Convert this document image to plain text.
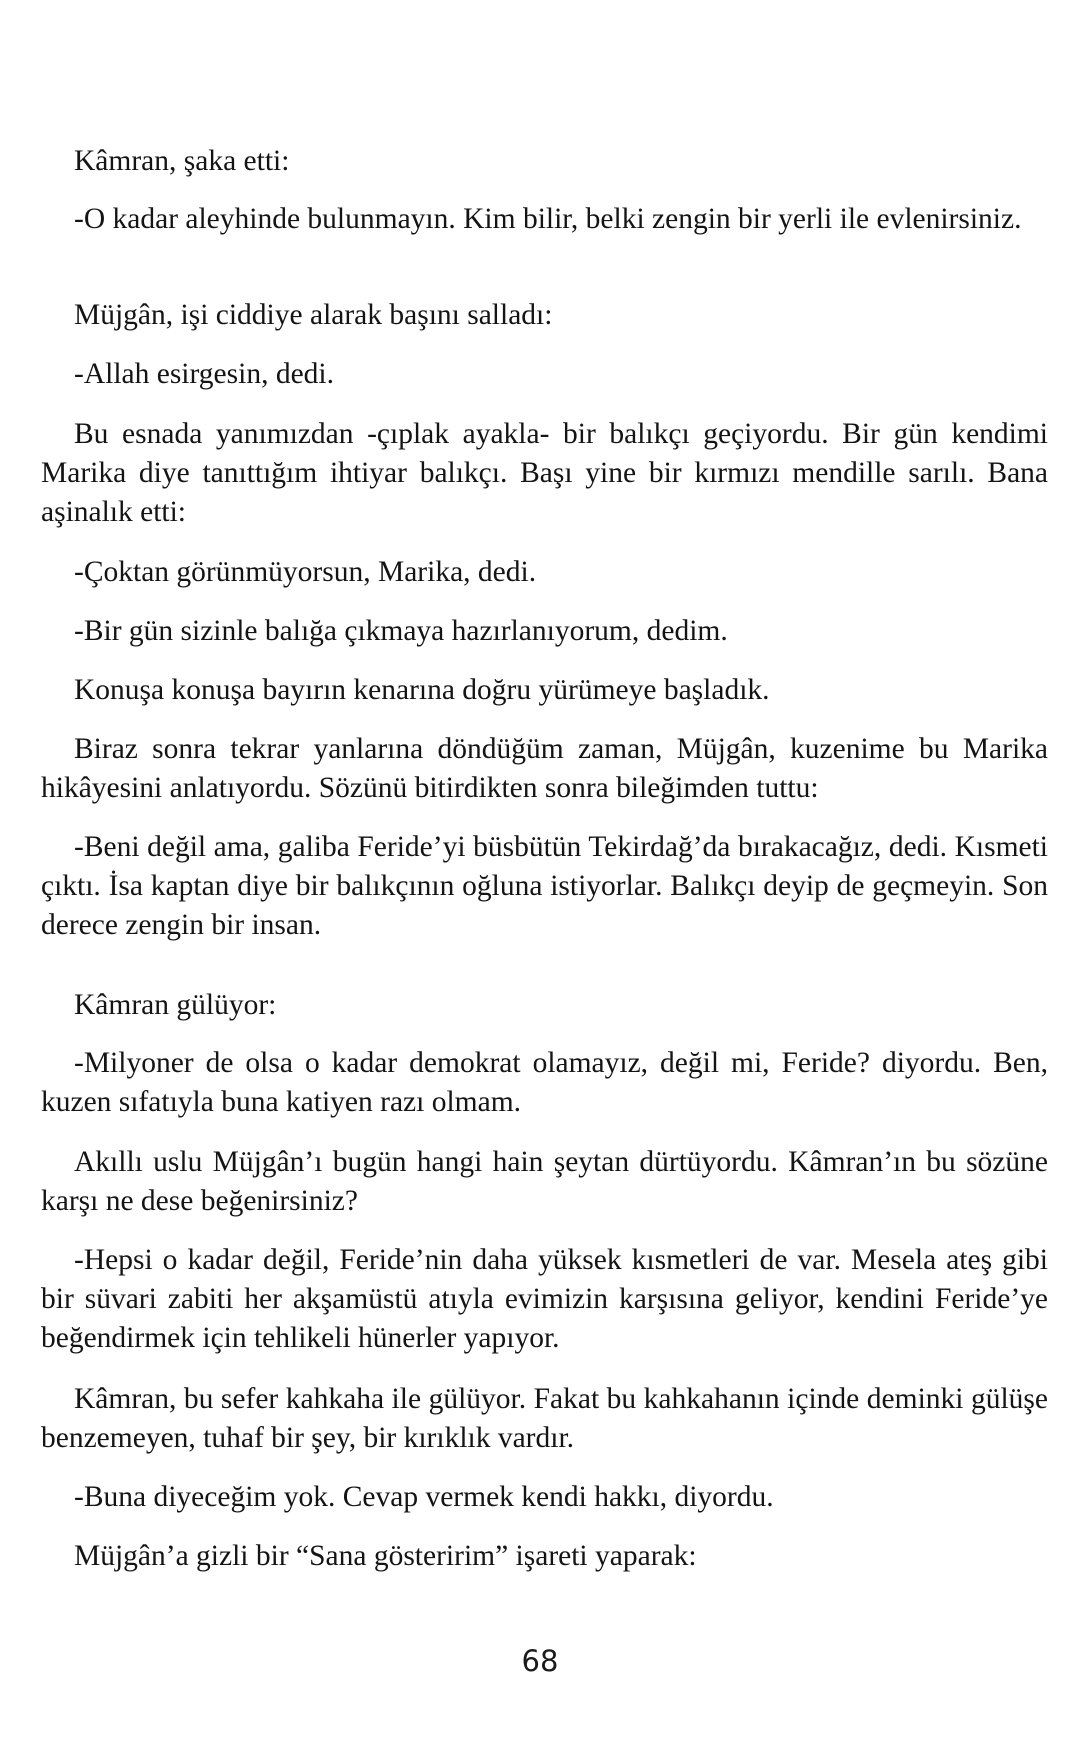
Kâmran, şaka etti:

-O kadar aleyhinde bulunmayın. Kim bilir, belki zengin bir yerli ile evlenirsiniz.

Müjgân, işi ciddiye alarak başını salladı:

-Allah esirgesin, dedi.

Bu esnada yanımızdan -çıplak ayakla- bir balıkçı geçiyordu. Bir gün kendimi Marika diye tanıttığım ihtiyar balıkçı. Başı yine bir kırmızı mendille sarılı. Bana aşinalık etti:

-Çoktan görünmüyorsun, Marika, dedi.

-Bir gün sizinle balığa çıkmaya hazırlanıyorum, dedim.

Konuşa konuşa bayırın kenarına doğru yürümeye başladık.

Biraz sonra tekrar yanlarına döndüğüm zaman, Müjgân, kuzenime bu Marika hikâyesini anlatıyordu. Sözünü bitirdikten sonra bileğimden tuttu:

-Beni değil ama, galiba Feride’yi büsbütün Tekirdağ’da bırakacağız, dedi. Kısmeti çıktı. İsa kaptan diye bir balıkçının oğluna istiyorlar. Balıkçı deyip de geçmeyin. Son derece zengin bir insan.

Kâmran gülüyor:

-Milyoner de olsa o kadar demokrat olamayız, değil mi, Feride? diyordu. Ben, kuzen sıfatıyla buna katiyen razı olmam.

Akıllı uslu Müjgân’ı bugün hangi hain şeytan dürtüyordu. Kâmran’ın bu sözüne karşı ne dese beğenirsiniz?

-Hepsi o kadar değil, Feride’nin daha yüksek kısmetleri de var. Mesela ateş gibi bir süvari zabiti her akşamüstü atıyla evimizin karşısına geliyor, kendini Feride’ye beğendirmek için tehlikeli hünerler yapıyor.

Kâmran, bu sefer kahkaha ile gülüyor. Fakat bu kahkahanın içinde deminki gülüşe benzemeyen, tuhaf bir şey, bir kırıklık vardır.

-Buna diyeceğim yok. Cevap vermek kendi hakkı, diyordu.

Müjgân’a gizli bir “Sana gösteririm” işareti yaparak:

68
